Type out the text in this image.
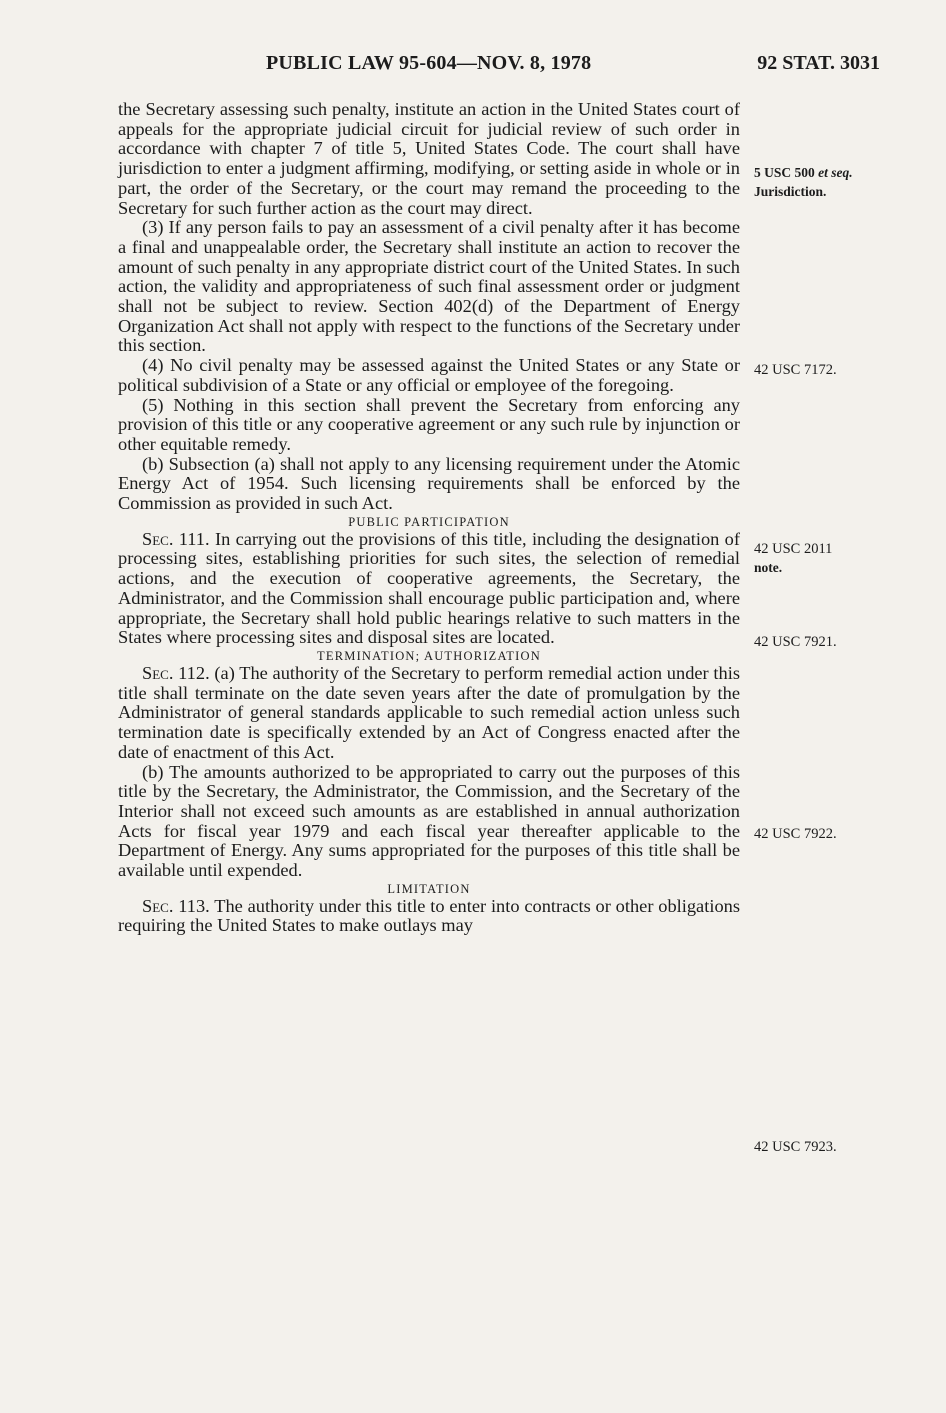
PUBLIC LAW 95-604—NOV. 8, 1978	92 STAT. 3031

the Secretary assessing such penalty, institute an action in the United States court of appeals for the appropriate judicial circuit for judicial review of such order in accordance with chapter 7 of title 5, United States Code. The court shall have jurisdiction to enter a judgment affirming, modifying, or setting aside in whole or in part, the order of the Secretary, or the court may remand the proceeding to the Secretary for such further action as the court may direct.

(3) If any person fails to pay an assessment of a civil penalty after it has become a final and unappealable order, the Secretary shall institute an action to recover the amount of such penalty in any appropriate district court of the United States. In such action, the validity and appropriateness of such final assessment order or judgment shall not be subject to review. Section 402(d) of the Department of Energy Organization Act shall not apply with respect to the functions of the Secretary under this section.

(4) No civil penalty may be assessed against the United States or any State or political subdivision of a State or any official or employee of the foregoing.

(5) Nothing in this section shall prevent the Secretary from enforcing any provision of this title or any cooperative agreement or any such rule by injunction or other equitable remedy.

(b) Subsection (a) shall not apply to any licensing requirement under the Atomic Energy Act of 1954. Such licensing requirements shall be enforced by the Commission as provided in such Act.

PUBLIC PARTICIPATION

Sec. 111. In carrying out the provisions of this title, including the designation of processing sites, establishing priorities for such sites, the selection of remedial actions, and the execution of cooperative agreements, the Secretary, the Administrator, and the Commission shall encourage public participation and, where appropriate, the Secretary shall hold public hearings relative to such matters in the States where processing sites and disposal sites are located.

TERMINATION; AUTHORIZATION

Sec. 112. (a) The authority of the Secretary to perform remedial action under this title shall terminate on the date seven years after the date of promulgation by the Administrator of general standards applicable to such remedial action unless such termination date is specifically extended by an Act of Congress enacted after the date of enactment of this Act.

(b) The amounts authorized to be appropriated to carry out the purposes of this title by the Secretary, the Administrator, the Commission, and the Secretary of the Interior shall not exceed such amounts as are established in annual authorization Acts for fiscal year 1979 and each fiscal year thereafter applicable to the Department of Energy. Any sums appropriated for the purposes of this title shall be available until expended.

LIMITATION

Sec. 113. The authority under this title to enter into contracts or other obligations requiring the United States to make outlays may

5 USC 500 et seq.
Jurisdiction.
42 USC 7172.
42 USC 2011
note.
42 USC 7921.
42 USC 7922.
42 USC 7923.
